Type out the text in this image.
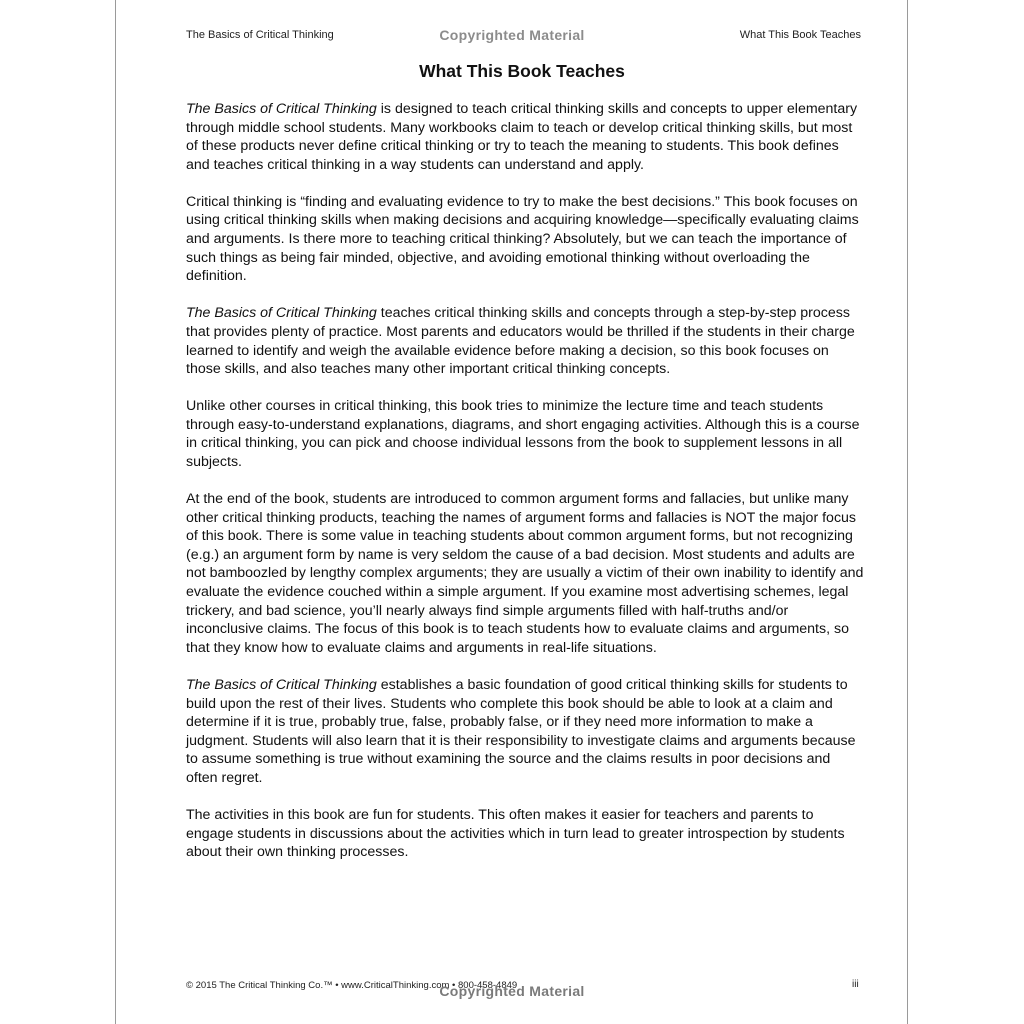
The Basics of Critical Thinking	Copyrighted Material	What This Book Teaches
What This Book Teaches

The Basics of Critical Thinking is designed to teach critical thinking skills and concepts to upper elementary through middle school students. Many workbooks claim to teach or develop critical thinking skills, but most of these products never define critical thinking or try to teach the meaning to students. This book defines and teaches critical thinking in a way students can understand and apply.

Critical thinking is “finding and evaluating evidence to try to make the best decisions.” This book focuses on using critical thinking skills when making decisions and acquiring knowledge—specifically evaluating claims and arguments. Is there more to teaching critical thinking? Absolutely, but we can teach the importance of such things as being fair minded, objective, and avoiding emotional thinking without overloading the definition.

The Basics of Critical Thinking teaches critical thinking skills and concepts through a step-by-step process that provides plenty of practice. Most parents and educators would be thrilled if the students in their charge learned to identify and weigh the available evidence before making a decision, so this book focuses on those skills, and also teaches many other important critical thinking concepts.

Unlike other courses in critical thinking, this book tries to minimize the lecture time and teach students through easy-to-understand explanations, diagrams, and short engaging activities. Although this is a course in critical thinking, you can pick and choose individual lessons from the book to supplement lessons in all subjects.

At the end of the book, students are introduced to common argument forms and fallacies, but unlike many other critical thinking products, teaching the names of argument forms and fallacies is NOT the major focus of this book. There is some value in teaching students about common argument forms, but not recognizing (e.g.) an argument form by name is very seldom the cause of a bad decision. Most students and adults are not bamboozled by lengthy complex arguments; they are usually a victim of their own inability to identify and evaluate the evidence couched within a simple argument. If you examine most advertising schemes, legal trickery, and bad science, you’ll nearly always find simple arguments filled with half-truths and/or inconclusive claims. The focus of this book is to teach students how to evaluate claims and arguments, so that they know how to evaluate claims and arguments in real-life situations.

The Basics of Critical Thinking establishes a basic foundation of good critical thinking skills for students to build upon the rest of their lives. Students who complete this book should be able to look at a claim and determine if it is true, probably true, false, probably false, or if they need more information to make a judgment. Students will also learn that it is their responsibility to investigate claims and arguments because to assume something is true without examining the source and the claims results in poor decisions and often regret.

The activities in this book are fun for students. This often makes it easier for teachers and parents to engage students in discussions about the activities which in turn lead to greater introspection by students about their own thinking processes.

© 2015 The Critical Thinking Co.™ • www.CriticalThinking.com • 800-458-4849
Copyrighted Material	iii
